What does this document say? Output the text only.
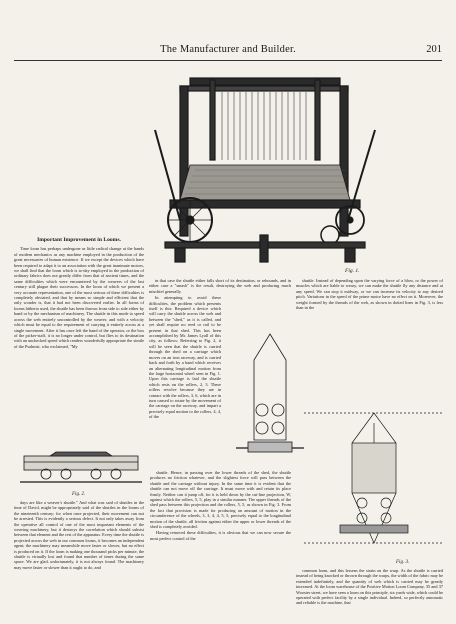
The Manufacturer and Builder.	201
Fig. 1.
Important Improvement in Looms.

Time loom has perhaps undergone as little radical change at the hands of modern mechanics as any machine employed in the production of the great necessaries of human existence. If we except the devices which have been required to adapt it to an association with the great inanimate motors, we shall find that the loom which is to-day employed in the production of ordinary fabrics does not greatly differ from that of ancient times, and the same difficulties which were encountered by the weavers of the last century still plague their successors. In the loom of which we present a very accurate representation, one of the most serious of these difficulties is completely obviated, and that by means so simple and efficient that the only wonder is, that it had not been discovered earlier. In all forms of looms hitherto used, the shuttle has been thrown from side to side either by hand or by the mechanism of machinery. The shuttle in this mode to speed across the web entirely uncontrolled by the weaver, and with a velocity which must be equal to the requirement of carrying it entirely across at a single movement. After it has once left the hand of the operator, or the box of the picker-staff, it is no longer under control, but flies to its destination with an unchecked speed which renders wonderfully appropriate the simile of the Psalmist, who exclaimed, "My

Fig. 2.

days are like a weaver's shuttle." And what was said of shuttles in the time of David, might be appropriately said of the shuttles in the looms of the nineteenth century; for when once projected, their movement can not be arrested. This is evidently a serious defect. It not only takes away from the operative all control of one of the most important elements of the weaving machinery, but it destroys the correlation which should subsist between that element and the rest of the apparatus. Every time the shuttle is projected across the web in our common looms, it becomes an independent agent; the machinery may meanwhile move faster or slower, but no effect is produced on it. If the loom is making one thousand picks per minute, the shuttle is virtually lost and found that number of times during the same space. We are glad, unfortunately, it is not always found. The machinery may move faster or slower than it ought to do, and

in that case the shuttle either falls short of its destination, or rebounds, and in either case a "smash" is the result, destroying the web and producing much mischief generally.

In attempting to avoid these difficulties, the problem which presents itself is this: Required a device which will carry the shuttle across the web and between the "shed," as it is called, and yet shall require no reed or rail to be present in that shed. This has been accomplished by Mr. James Lyall of this city, as follows: Referring to Fig. 2, it will be seen that the shuttle is carried through the shed on a carriage which moves on an iron raceway, and is carried back and forth by a band which receives an alternating longitudinal motion from the large horizontal wheel seen in Fig. 1. Upon this carriage is laid the shuttle which rests on the rollers, 2, 3. These rollers revolve because they are in contact with the rollers, 3, 6, which are in turn caused to rotate by the movement of the carriage on the raceway, and impart a precisely equal motion to the rollers, 4, 4, of the

shuttle. Hence, in passing over the lower threads of the shed, the shuttle produces no friction whatever, and the slightest force will pass between the shuttle and the carriage without injury. In the same time it is evident that the shuttle can not move off the carriage. It must move with and retain its place firmly. Neither can it jump off, for it is held down by the cut-line projection, W, against which the rollers, 5, 5, play in a similar manner. The upper threads of the shed pass between this projection and the rollers, 5, 5, as shown in Fig. 3. From the fact that provision is made for producing an amount of motion in the circumference of the wheels, 3, 3, 4, 4, 5, 5, precisely equal to the longitudinal motion of the shuttle, all friction against either the upper or lower threads of the shed is completely avoided.

Having removed these difficulties, it is obvious that we can now secure the most perfect control of the

shuttle. Instead of depending upon the varying force of a blow, or the power of muscles which are liable to weary, we can make the shuttle fly any distance and at any speed. We can stop it midway, or we can increase its velocity to any desired pitch. Variations in the speed of the prime motor have no effect on it. Moreover, the weight formed by the threads of the web, as shown in dotted lines in Fig. 3, is less than in the

Fig. 3.

common loom, and this lessens the strain on the warp. As the shuttle is carried instead of being knocked or thrown through the warps, the width of the fabric may be extended indefinitely, and the quantity of web which is carried may be greatly increased. At the loom warehouse of the Positive Motion Loom Company, 35 and 37 Wooster street, we have seen a loom on this principle, six yards wide, which could be operated with perfect facility by a single individual. Indeed, so perfectly automatic and reliable is the machine, that
